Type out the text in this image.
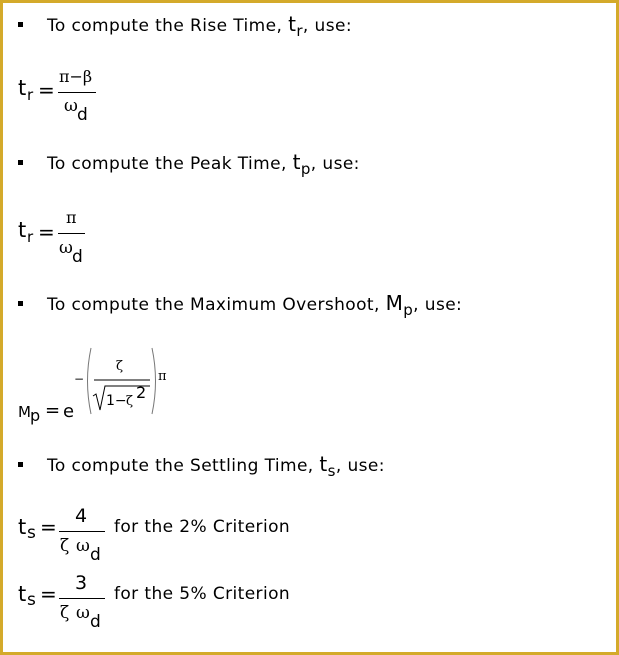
To compute the Rise Time, tr, use:
t r =
π−β
ω d
To compute the Peak Time, tp, use:
t r =
π
ω d
To compute the Maximum Overshoot, Mp, use:
M p = e
−
ζ
1− ζ 2
π
To compute the Settling Time, ts, use:
t s = 4
ζ ω d
for the 2% Criterion
t s = 3
ζ ω d
for the 5% Criterion
